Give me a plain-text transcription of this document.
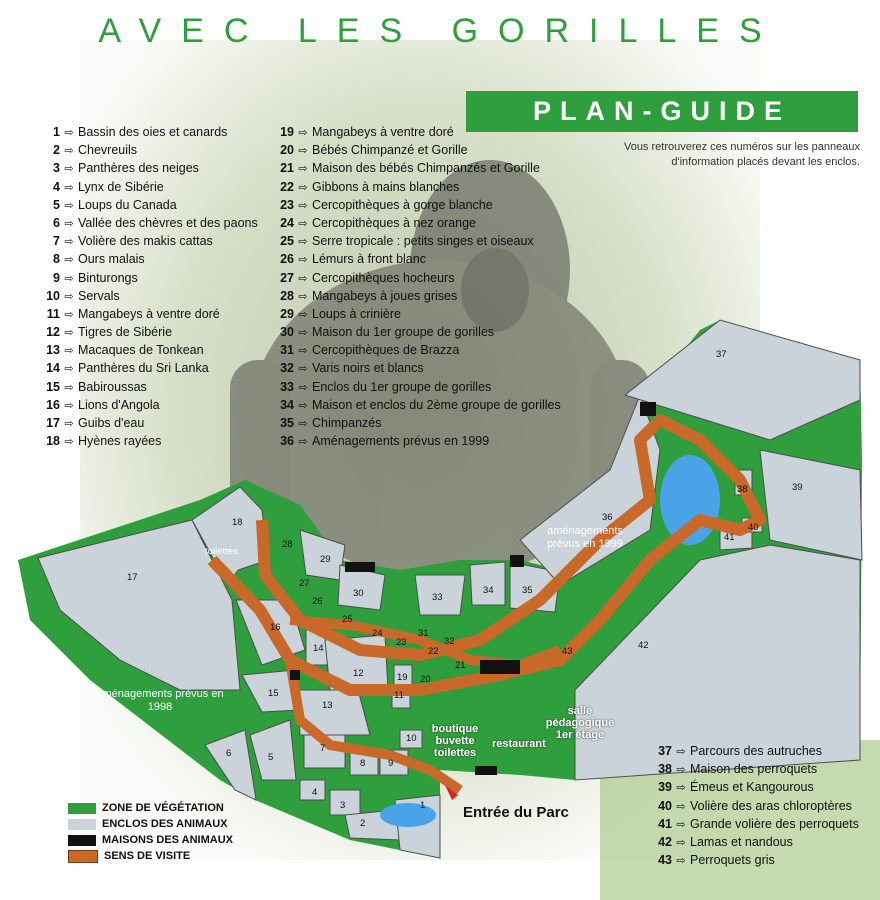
AVEC LES GORILLES
PLAN-GUIDE
Vous retrouverez ces numéros sur les panneaux
d'information placés devant les enclos.
1 ⇨ Bassin des oies et canards
2 ⇨ Chevreuils
3 ⇨ Panthères des neiges
4 ⇨ Lynx de Sibérie
5 ⇨ Loups du Canada
6 ⇨ Vallée des chèvres et des paons
7 ⇨ Volière des makis cattas
8 ⇨ Ours malais
9 ⇨ Binturongs
10 ⇨ Servals
11 ⇨ Mangabeys à ventre doré
12 ⇨ Tigres de Sibérie
13 ⇨ Macaques de Tonkean
14 ⇨ Panthères du Sri Lanka
15 ⇨ Babiroussas
16 ⇨ Lions d'Angola
17 ⇨ Guibs d'eau
18 ⇨ Hyènes rayées
19 ⇨ Mangabeys à ventre doré
20 ⇨ Bébés Chimpanzé et Gorille
21 ⇨ Maison des bébés Chimpanzés et Gorille
22 ⇨ Gibbons à mains blanches
23 ⇨ Cercopithèques à gorge blanche
24 ⇨ Cercopithèques à nez orange
25 ⇨ Serre tropicale : petits singes et oiseaux
26 ⇨ Lémurs à front blanc
27 ⇨ Cercopithèques hocheurs
28 ⇨ Mangabeys à joues grises
29 ⇨ Loups à crinière
30 ⇨ Maison du 1er groupe de gorilles
31 ⇨ Cercopithèques de Brazza
32 ⇨ Varis noirs et blancs
33 ⇨ Enclos du 1er groupe de gorilles
34 ⇨ Maison et enclos du 2ème groupe de gorilles
35 ⇨ Chimpanzés
36 ⇨ Aménagements prévus en 1999
37 ⇨ Parcours des autruches
38 ⇨ Maison des perroquets
39 ⇨ Émeus et Kangourous
40 ⇨ Volière des aras chloroptères
41 ⇨ Grande volière des perroquets
42 ⇨ Lamas et nandous
43 ⇨ Perroquets gris
toilettes
aménagements prévus en 1998
aménagements prévus en 1999
boutique buvette toilettes
restaurant
salle pédagogique 1er étage
Entrée du Parc
1
2
3
4
5
6	7
8 9
10
11
12
13
14
15
16
17
18
19 20
21
22
23
24
25
26
27
28
29
30
31
32
33
34	35
36
37
38	39
40
41
42
43
ZONE DE VÉGÉTATION
ENCLOS DES ANIMAUX
MAISONS DES ANIMAUX
SENS DE VISITE
